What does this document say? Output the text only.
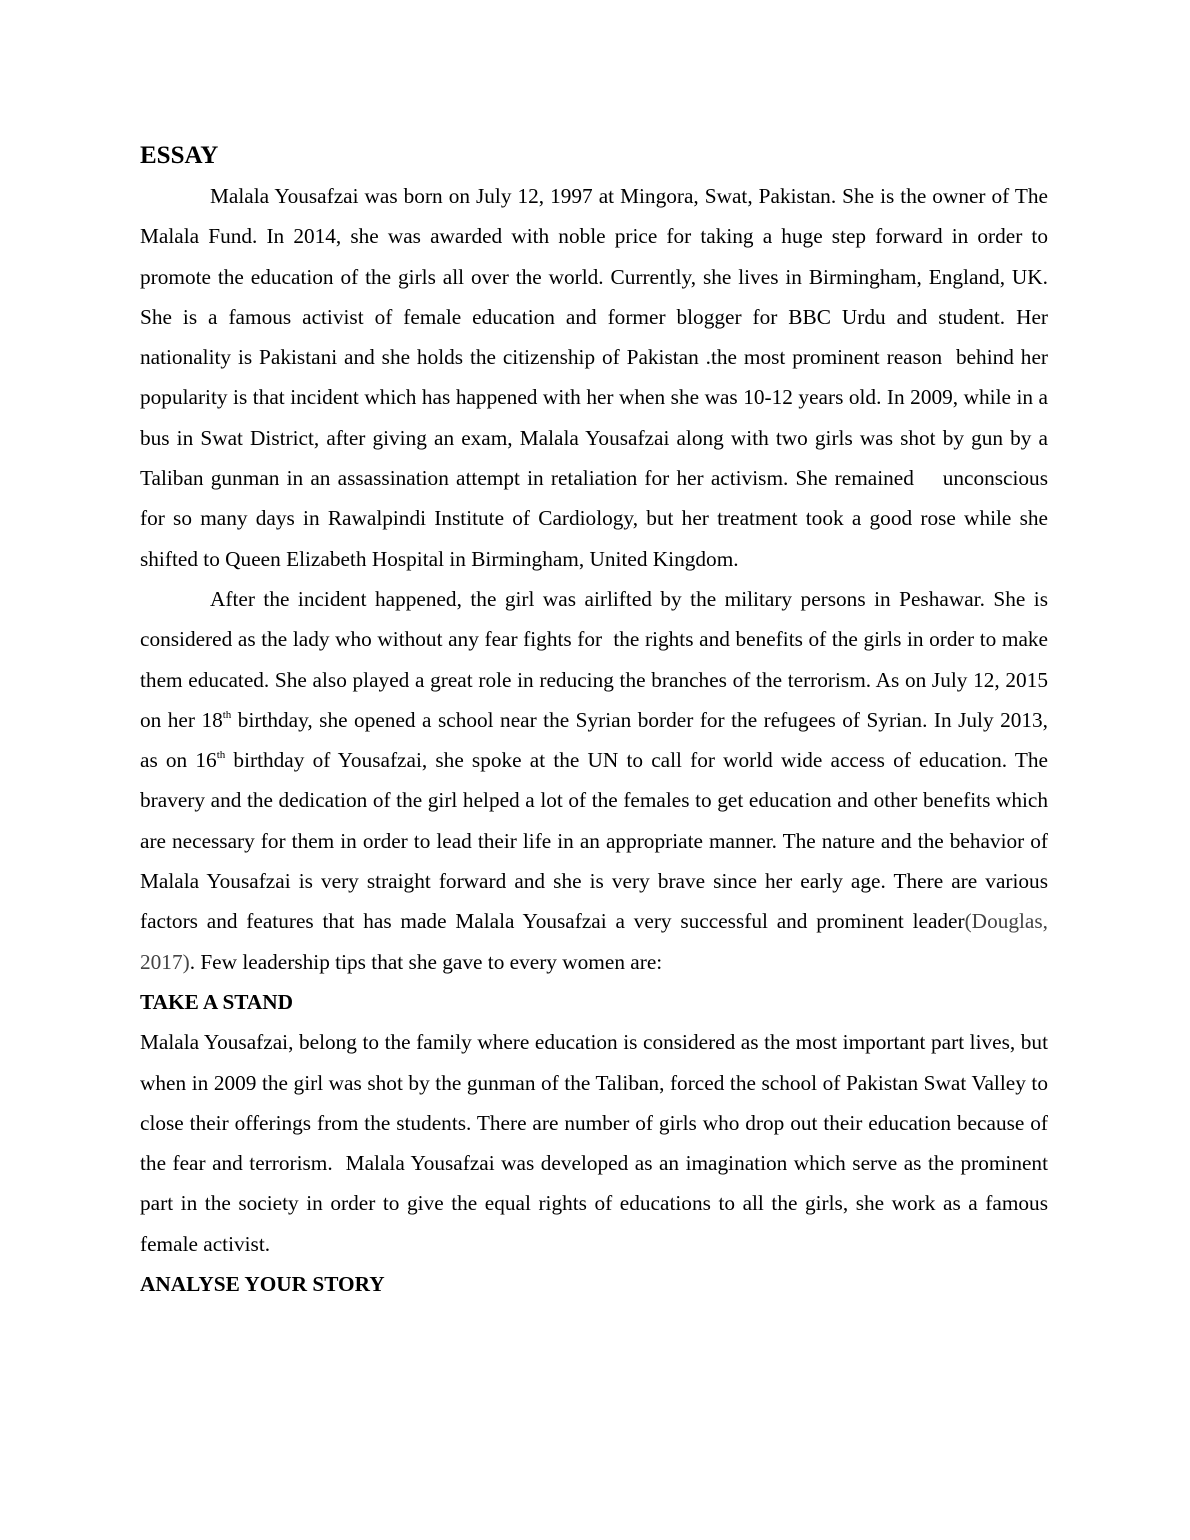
ESSAY

Malala Yousafzai was born on July 12, 1997 at Mingora, Swat, Pakistan. She is the owner of The Malala Fund. In 2014, she was awarded with noble price for taking a huge step forward in order to promote the education of the girls all over the world. Currently, she lives in Birmingham, England, UK. She is a famous activist of female education and former blogger for BBC Urdu and student. Her nationality is Pakistani and she holds the citizenship of Pakistan .the most prominent reason  behind her popularity is that incident which has happened with her when she was 10-12 years old. In 2009, while in a bus in Swat District, after giving an exam, Malala Yousafzai along with two girls was shot by gun by a Taliban gunman in an assassination attempt in retaliation for her activism. She remained    unconscious for so many days in Rawalpindi Institute of Cardiology, but her treatment took a good rose while she shifted to Queen Elizabeth Hospital in Birmingham, United Kingdom.

After the incident happened, the girl was airlifted by the military persons in Peshawar. She is considered as the lady who without any fear fights for  the rights and benefits of the girls in order to make them educated. She also played a great role in reducing the branches of the terrorism. As on July 12, 2015 on her 18th birthday, she opened a school near the Syrian border for the refugees of Syrian. In July 2013, as on 16th birthday of Yousafzai, she spoke at the UN to call for world wide access of education. The bravery and the dedication of the girl helped a lot of the females to get education and other benefits which are necessary for them in order to lead their life in an appropriate manner. The nature and the behavior of Malala Yousafzai is very straight forward and she is very brave since her early age. There are various factors and features that has made Malala Yousafzai a very successful and prominent leader(Douglas, 2017). Few leadership tips that she gave to every women are:

TAKE A STAND

Malala Yousafzai, belong to the family where education is considered as the most important part lives, but when in 2009 the girl was shot by the gunman of the Taliban, forced the school of Pakistan Swat Valley to close their offerings from the students. There are number of girls who drop out their education because of the fear and terrorism.  Malala Yousafzai was developed as an imagination which serve as the prominent part in the society in order to give the equal rights of educations to all the girls, she work as a famous female activist.

ANALYSE YOUR STORY
